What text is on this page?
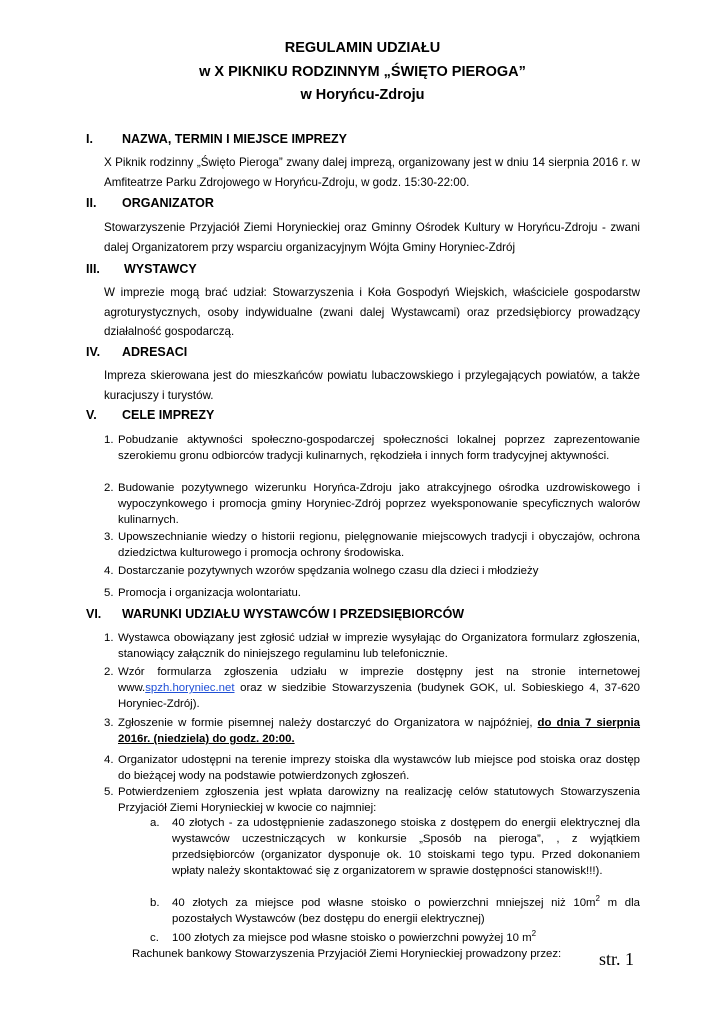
REGULAMIN UDZIAŁU
w X PIKNIKU RODZINNYM „ŚWIĘTO PIEROGA”
w Horyńcu-Zdroju
I. NAZWA, TERMIN I MIEJSCE IMPREZY
X Piknik rodzinny „Święto Pieroga” zwany dalej imprezą, organizowany jest w dniu 14 sierpnia 2016 r. w Amfiteatrze Parku Zdrojowego w Horyńcu-Zdroju, w godz. 15:30-22:00.
II. ORGANIZATOR
Stowarzyszenie Przyjaciół Ziemi Horynieckiej oraz Gminny Ośrodek Kultury w Horyńcu-Zdroju - zwani dalej Organizatorem przy wsparciu organizacyjnym Wójta Gminy Horyniec-Zdrój
III. WYSTAWCY
W imprezie mogą brać udział: Stowarzyszenia i Koła Gospodyń Wiejskich, właściciele gospodarstw agroturystycznych, osoby indywidualne (zwani dalej Wystawcami) oraz przedsiębiorcy prowadzący działalność gospodarczą.
IV. ADRESACI
Impreza skierowana jest do mieszkańców powiatu lubaczowskiego i przylegających powiatów, a także kuracjuszy i turystów.
V. CELE IMPREZY
1. Pobudzanie aktywności społeczno-gospodarczej społeczności lokalnej poprzez zaprezentowanie szerokiemu gronu odbiorców tradycji kulinarnych, rękodzieła i innych form tradycyjnej aktywności.
2. Budowanie pozytywnego wizerunku Horyńca-Zdroju jako atrakcyjnego ośrodka uzdrowiskowego i wypoczynkowego i promocja gminy Horyniec-Zdrój poprzez wyeksponowanie specyficznych walorów kulinarnych.
3. Upowszechnianie wiedzy o historii regionu, pielęgnowanie miejscowych tradycji i obyczajów, ochrona dziedzictwa kulturowego i promocja ochrony środowiska.
4. Dostarczanie pozytywnych wzorów spędzania wolnego czasu dla dzieci i młodzieży
5. Promocja i organizacja wolontariatu.
VI. WARUNKI UDZIAŁU WYSTAWCÓW I PRZEDSIĘBIORCÓW
1. Wystawca obowiązany jest zgłosić udział w imprezie wysyłając do Organizatora formularz zgłoszenia, stanowiący załącznik do niniejszego regulaminu lub telefonicznie.
2. Wzór formularza zgłoszenia udziału w imprezie dostępny jest na stronie internetowej www.spzh.horyniec.net oraz w siedzibie Stowarzyszenia (budynek GOK, ul. Sobieskiego 4, 37-620 Horyniec-Zdrój).
3. Zgłoszenie w formie pisemnej należy dostarczyć do Organizatora w najpóźniej, do dnia 7 sierpnia 2016r. (niedziela) do godz. 20:00.
4. Organizator udostępni na terenie imprezy stoiska dla wystawców lub miejsce pod stoiska oraz dostęp do bieżącej wody na podstawie potwierdzonych zgłoszeń.
5. Potwierdzeniem zgłoszenia jest wpłata darowizny na realizację celów statutowych Stowarzyszenia Przyjaciół Ziemi Horynieckiej w kwocie co najmniej:
a. 40 złotych - za udostępnienie zadaszonego stoiska z dostępem do energii elektrycznej dla wystawców uczestniczących w konkursie „Sposób na pieroga”, , z wyjątkiem przedsiębiorców (organizator dysponuje ok. 10 stoiskami tego typu. Przed dokonaniem wpłaty należy skontaktować się z organizatorem w sprawie dostępności stanowisk!!!).
b. 40 złotych za miejsce pod własne stoisko o powierzchni mniejszej niż $10m^2$ m dla pozostałych Wystawców (bez dostępu do energii elektrycznej)
c. 100 złotych za miejsce pod własne stoisko o powierzchni powyżej 10 $m^2$
Rachunek bankowy Stowarzyszenia Przyjaciół Ziemi Horynieckiej prowadzony przez:	str. 1
